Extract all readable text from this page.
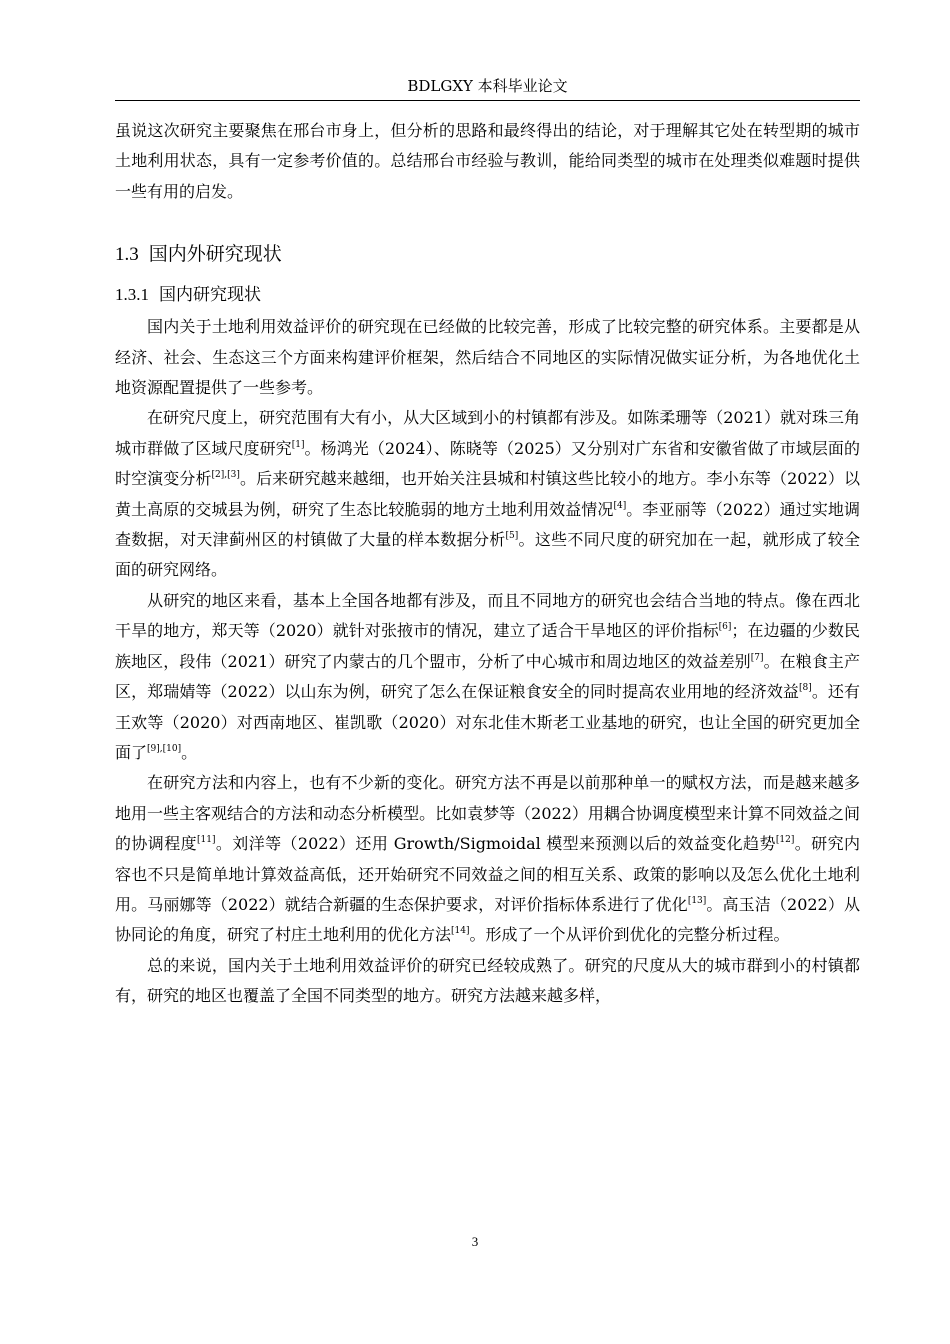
BDLGXY 本科毕业论文

虽说这次研究主要聚焦在邢台市身上，但分析的思路和最终得出的结论，对于理解其它处在转型期的城市土地利用状态，具有一定参考价值的。总结邢台市经验与教训，能给同类型的城市在处理类似难题时提供一些有用的启发。

1.3 国内外研究现状
1.3.1 国内研究现状

国内关于土地利用效益评价的研究现在已经做的比较完善，形成了比较完整的研究体系。主要都是从经济、社会、生态这三个方面来构建评价框架，然后结合不同地区的实际情况做实证分析，为各地优化土地资源配置提供了一些参考。

在研究尺度上，研究范围有大有小，从大区域到小的村镇都有涉及。如陈柔珊等（2021）就对珠三角城市群做了区域尺度研究[1]。杨鸿光（2024）、陈晓等（2025）又分别对广东省和安徽省做了市域层面的时空演变分析[2],[3]。后来研究越来越细，也开始关注县城和村镇这些比较小的地方。李小东等（2022）以黄土高原的交城县为例，研究了生态比较脆弱的地方土地利用效益情况[4]。李亚丽等（2022）通过实地调查数据，对天津蓟州区的村镇做了大量的样本数据分析[5]。这些不同尺度的研究加在一起，就形成了较全面的研究网络。

从研究的地区来看，基本上全国各地都有涉及，而且不同地方的研究也会结合当地的特点。像在西北干旱的地方，郑天等（2020）就针对张掖市的情况，建立了适合干旱地区的评价指标[6]；在边疆的少数民族地区，段伟（2021）研究了内蒙古的几个盟市，分析了中心城市和周边地区的效益差别[7]。在粮食主产区，郑瑞婧等（2022）以山东为例，研究了怎么在保证粮食安全的同时提高农业用地的经济效益[8]。还有王欢等（2020）对西南地区、崔凯歌（2020）对东北佳木斯老工业基地的研究，也让全国的研究更加全面了[9],[10]。

在研究方法和内容上，也有不少新的变化。研究方法不再是以前那种单一的赋权方法，而是越来越多地用一些主客观结合的方法和动态分析模型。比如袁梦等（2022）用耦合协调度模型来计算不同效益之间的协调程度[11]。刘洋等（2022）还用 Growth/Sigmoidal 模型来预测以后的效益变化趋势[12]。研究内容也不只是简单地计算效益高低，还开始研究不同效益之间的相互关系、政策的影响以及怎么优化土地利用。马丽娜等（2022）就结合新疆的生态保护要求，对评价指标体系进行了优化[13]。高玉洁（2022）从协同论的角度，研究了村庄土地利用的优化方法[14]。形成了一个从评价到优化的完整分析过程。

总的来说，国内关于土地利用效益评价的研究已经较成熟了。研究的尺度从大的城市群到小的村镇都有，研究的地区也覆盖了全国不同类型的地方。研究方法越来越多样，

3
